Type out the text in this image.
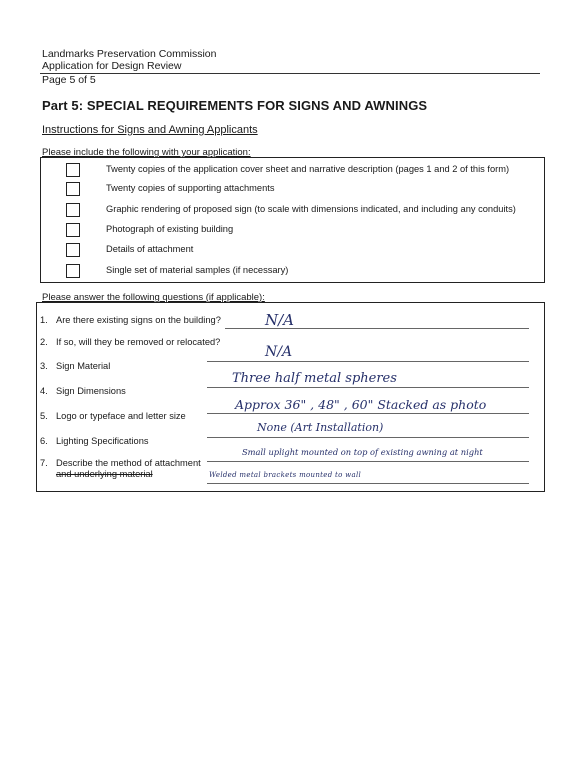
Landmarks Preservation Commission
Application for Design Review
Page 5 of 5
Part 5: SPECIAL REQUIREMENTS FOR SIGNS AND AWNINGS
Instructions for Signs and Awning Applicants
Please include the following with your application:
Twenty copies of the application cover sheet and narrative description (pages 1 and 2 of this form)
Twenty copies of supporting attachments
Graphic rendering of proposed sign (to scale with dimensions indicated, and including any conduits)
Photograph of existing building
Details of attachment
Single set of material samples (if necessary)
Please answer the following questions (if applicable):
1. Are there existing signs on the building?	N/A
2. If so, will they be removed or relocated?
N/A
3. Sign Material
Three half metal spheres
4. Sign Dimensions
Approx 36" , 48" , 60" Stacked as photo
5. Logo or typeface and letter size
None (Art Installation)
6. Lighting Specifications
Small uplight mounted on top of existing awning at night
7. Describe the method of attachment
and underlying material	Welded metal brackets mounted to wall
